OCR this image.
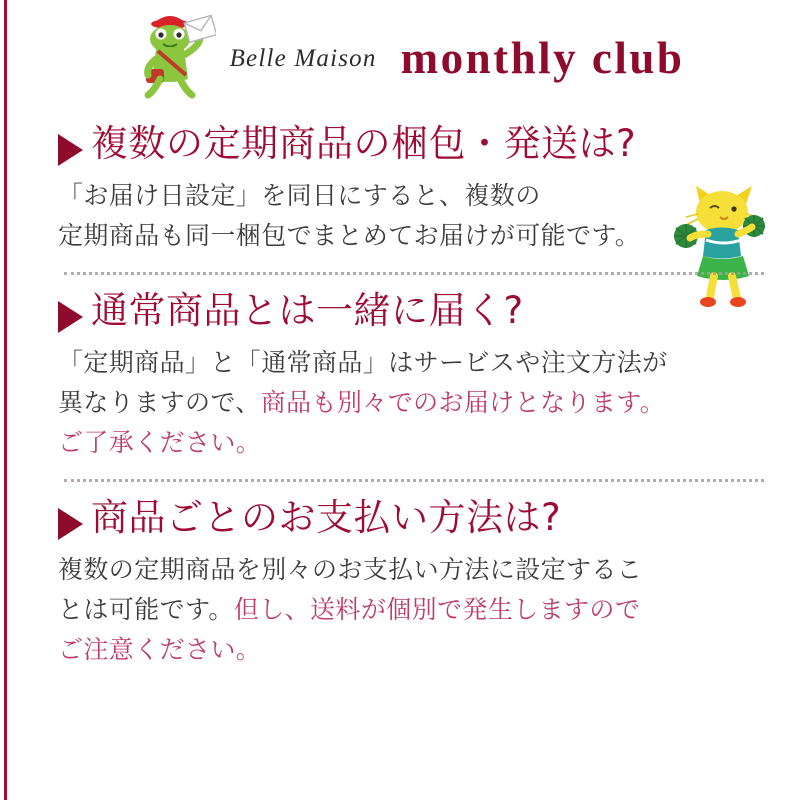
Belle Maison monthly club
複数の定期商品の梱包・発送は?
「お届け日設定」を同日にすると、複数の
定期商品も同一梱包でまとめてお届けが可能です。
通常商品とは一緒に届く?
「定期商品」と「通常商品」はサービスや注文方法が
異なりますので、商品も別々でのお届けとなります。
ご了承ください。
商品ごとのお支払い方法は?
複数の定期商品を別々のお支払い方法に設定するこ
とは可能です。但し、送料が個別で発生しますので
ご注意ください。
